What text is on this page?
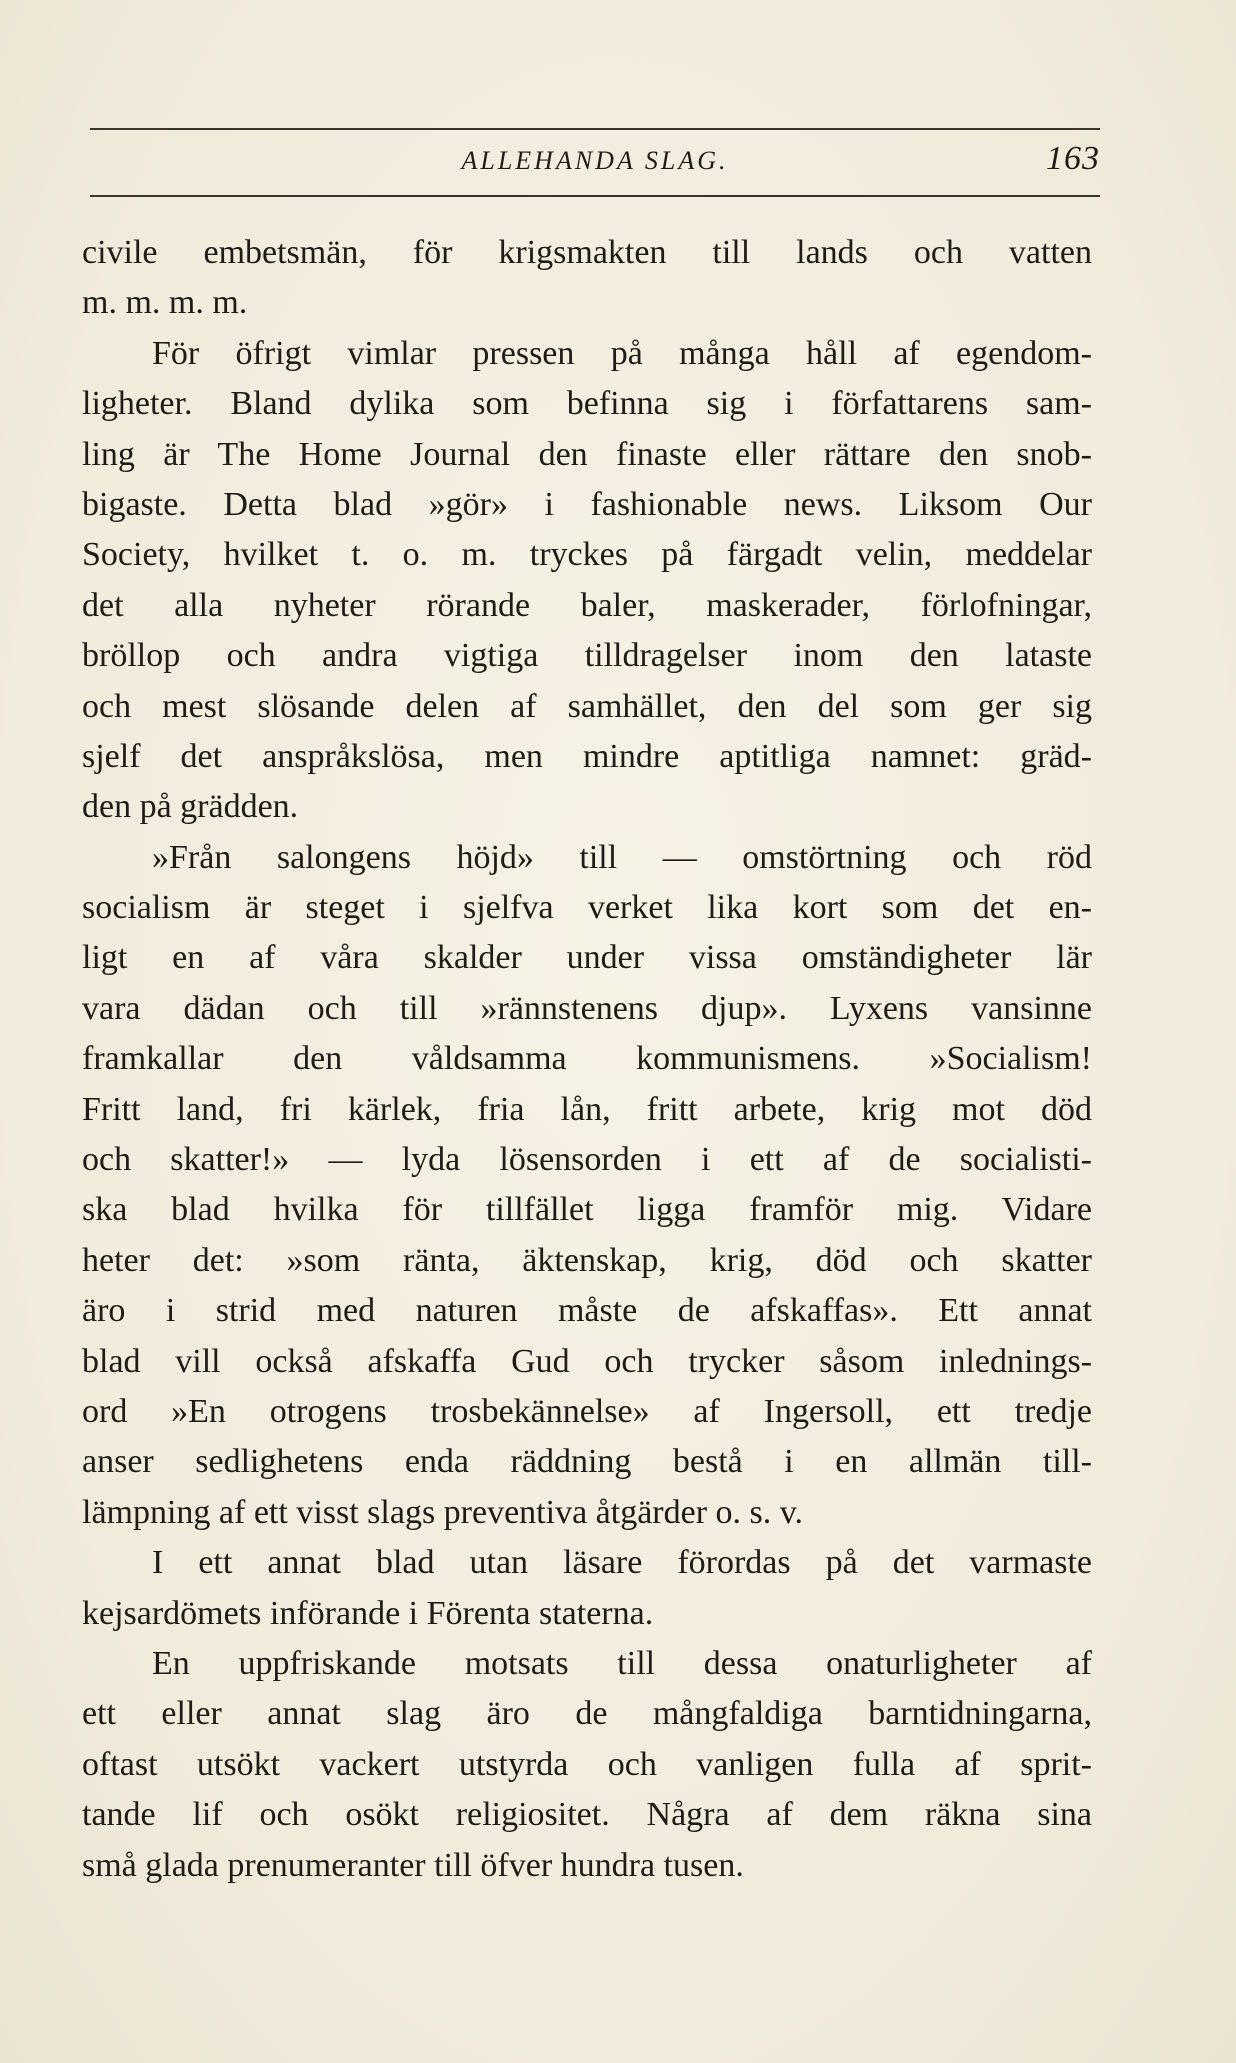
ALLEHANDA SLAG.	163
civile embetsmän, för krigsmakten till lands och vatten
m. m. m. m.
För öfrigt vimlar pressen på många håll af egendom-
ligheter. Bland dylika som befinna sig i författarens sam-
ling är The Home Journal den finaste eller rättare den snob-
bigaste. Detta blad »gör» i fashionable news. Liksom Our
Society, hvilket t. o. m. tryckes på färgadt velin, meddelar
det alla nyheter rörande baler, maskerader, förlofningar,
bröllop och andra vigtiga tilldragelser inom den lataste
och mest slösande delen af samhället, den del som ger sig
sjelf det anspråkslösa, men mindre aptitliga namnet: gräd-
den på grädden.
»Från salongens höjd» till — omstörtning och röd
socialism är steget i sjelfva verket lika kort som det en-
ligt en af våra skalder under vissa omständigheter lär
vara dädan och till »rännstenens djup». Lyxens vansinne
framkallar den våldsamma kommunismens. »Socialism!
Fritt land, fri kärlek, fria lån, fritt arbete, krig mot död
och skatter!» — lyda lösensorden i ett af de socialisti-
ska blad hvilka för tillfället ligga framför mig. Vidare
heter det: »som ränta, äktenskap, krig, död och skatter
äro i strid med naturen måste de afskaffas». Ett annat
blad vill också afskaffa Gud och trycker såsom inlednings-
ord »En otrogens trosbekännelse» af Ingersoll, ett tredje
anser sedlighetens enda räddning bestå i en allmän till-
lämpning af ett visst slags preventiva åtgärder o. s. v.
I ett annat blad utan läsare förordas på det varmaste
kejsardömets införande i Förenta staterna.
En uppfriskande motsats till dessa onaturligheter af
ett eller annat slag äro de mångfaldiga barntidningarna,
oftast utsökt vackert utstyrda och vanligen fulla af sprit-
tande lif och osökt religiositet. Några af dem räkna sina
små glada prenumeranter till öfver hundra tusen.
